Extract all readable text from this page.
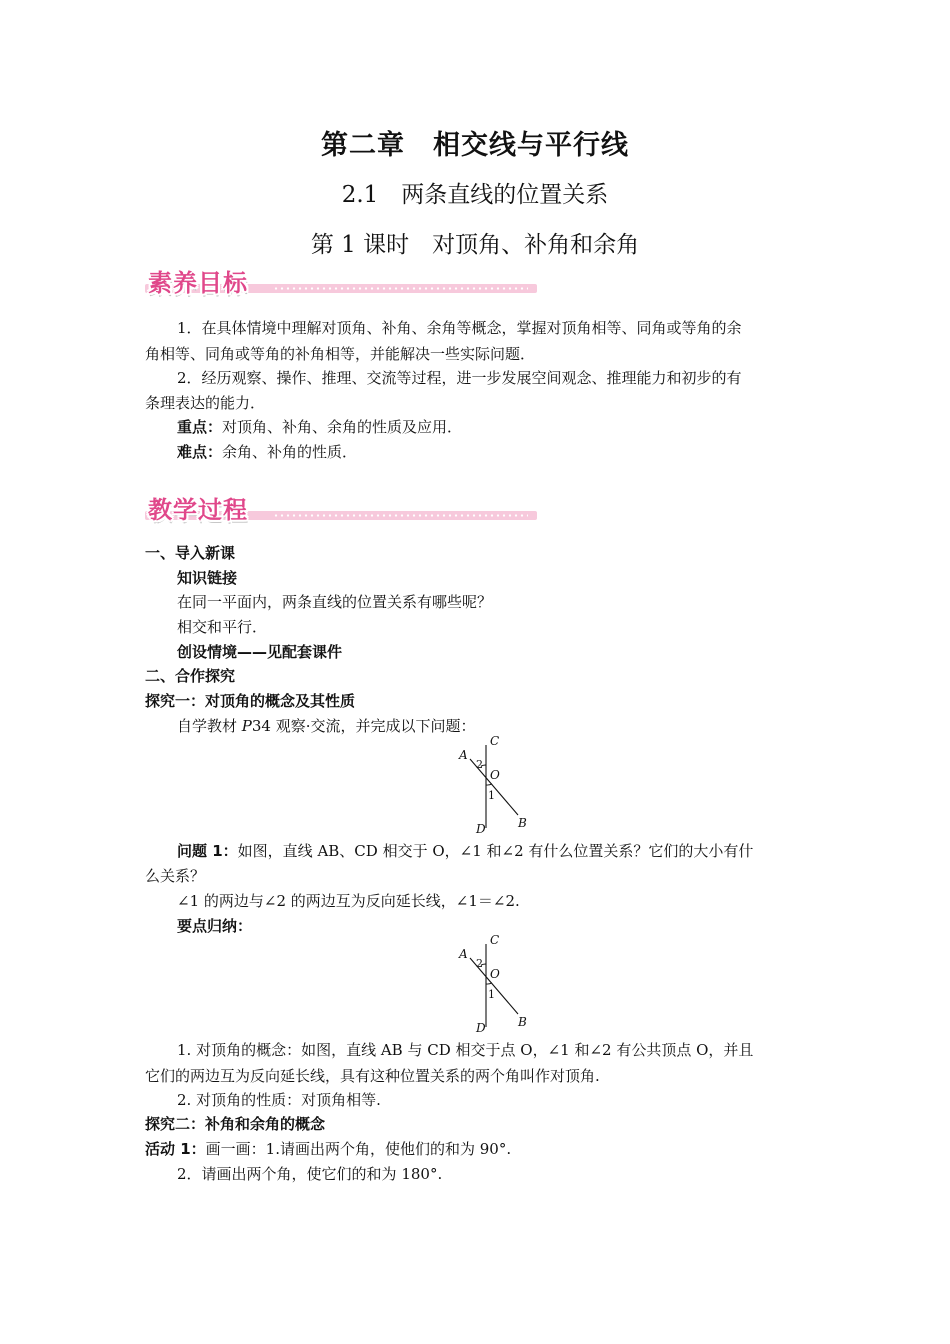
第二章　相交线与平行线
2.1　两条直线的位置关系
第 1 课时　对顶角、补角和余角
素养目标
1．在具体情境中理解对顶角、补角、余角等概念，掌握对顶角相等、同角或等角的余
角相等、同角或等角的补角相等，并能解决一些实际问题．
2．经历观察、操作、推理、交流等过程，进一步发展空间观念、推理能力和初步的有
条理表达的能力．
重点：对顶角、补角、余角的性质及应用．
难点：余角、补角的性质．
教学过程
一、导入新课
知识链接
在同一平面内，两条直线的位置关系有哪些呢？
相交和平行．
创设情境——见配套课件
二、合作探究
探究一：对顶角的概念及其性质
自学教材 P34 观察·交流，并完成以下问题：
A
C
2
O
1
B
D
问题 1：如图，直线 AB、CD 相交于 O，∠1 和∠2 有什么位置关系？它们的大小有什
么关系？
∠1 的两边与∠2 的两边互为反向延长线，∠1＝∠2.
要点归纳：
A
C
2
O
1
B
D
1. 对顶角的概念：如图，直线 AB 与 CD 相交于点 O，∠1 和∠2 有公共顶点 O，并且
它们的两边互为反向延长线，具有这种位置关系的两个角叫作对顶角.
2. 对顶角的性质：对顶角相等.
探究二：补角和余角的概念
活动 1：画一画：1.请画出两个角，使他们的和为 90°.
2．请画出两个角，使它们的和为 180°.
